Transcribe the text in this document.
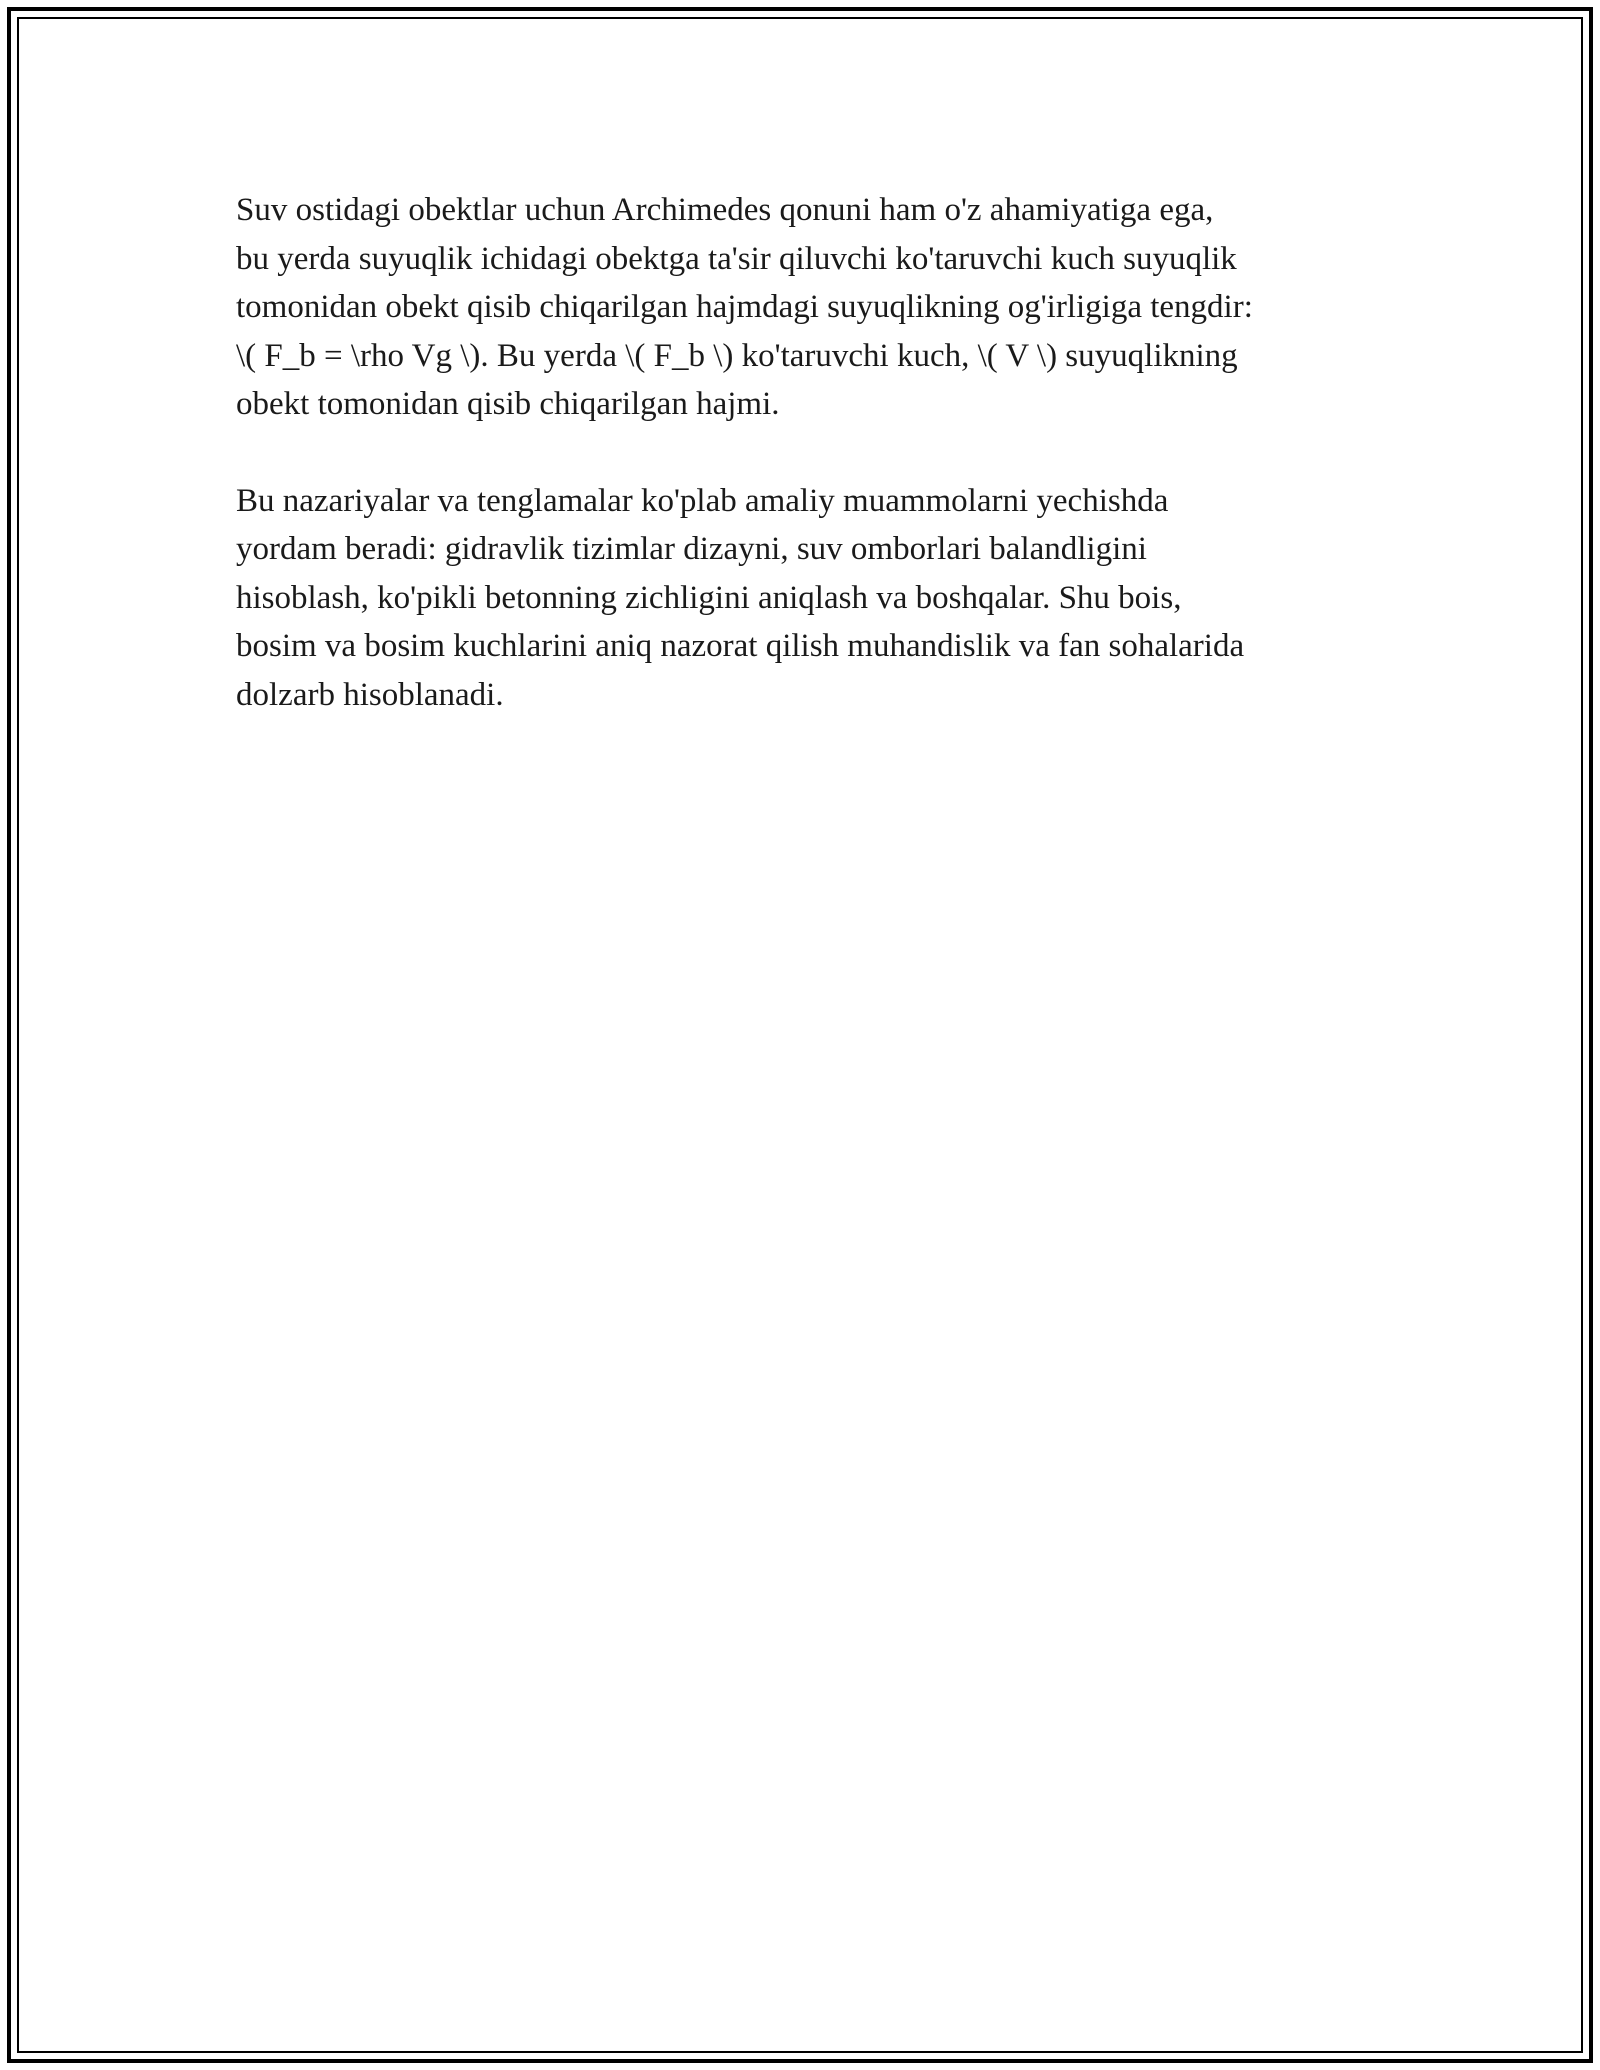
Suv ostidagi obektlar uchun Archimedes qonuni ham o'z ahamiyatiga ega,
bu yerda suyuqlik ichidagi obektga ta'sir qiluvchi ko'taruvchi kuch suyuqlik
tomonidan obekt qisib chiqarilgan hajmdagi suyuqlikning og'irligiga tengdir:
\( F_b = \rho Vg \). Bu yerda \( F_b \) ko'taruvchi kuch, \( V \) suyuqlikning
obekt tomonidan qisib chiqarilgan hajmi.

Bu nazariyalar va tenglamalar ko'plab amaliy muammolarni yechishda
yordam beradi: gidravlik tizimlar dizayni, suv omborlari balandligini
hisoblash, ko'pikli betonning zichligini aniqlash va boshqalar. Shu bois,
bosim va bosim kuchlarini aniq nazorat qilish muhandislik va fan sohalarida
dolzarb hisoblanadi.
